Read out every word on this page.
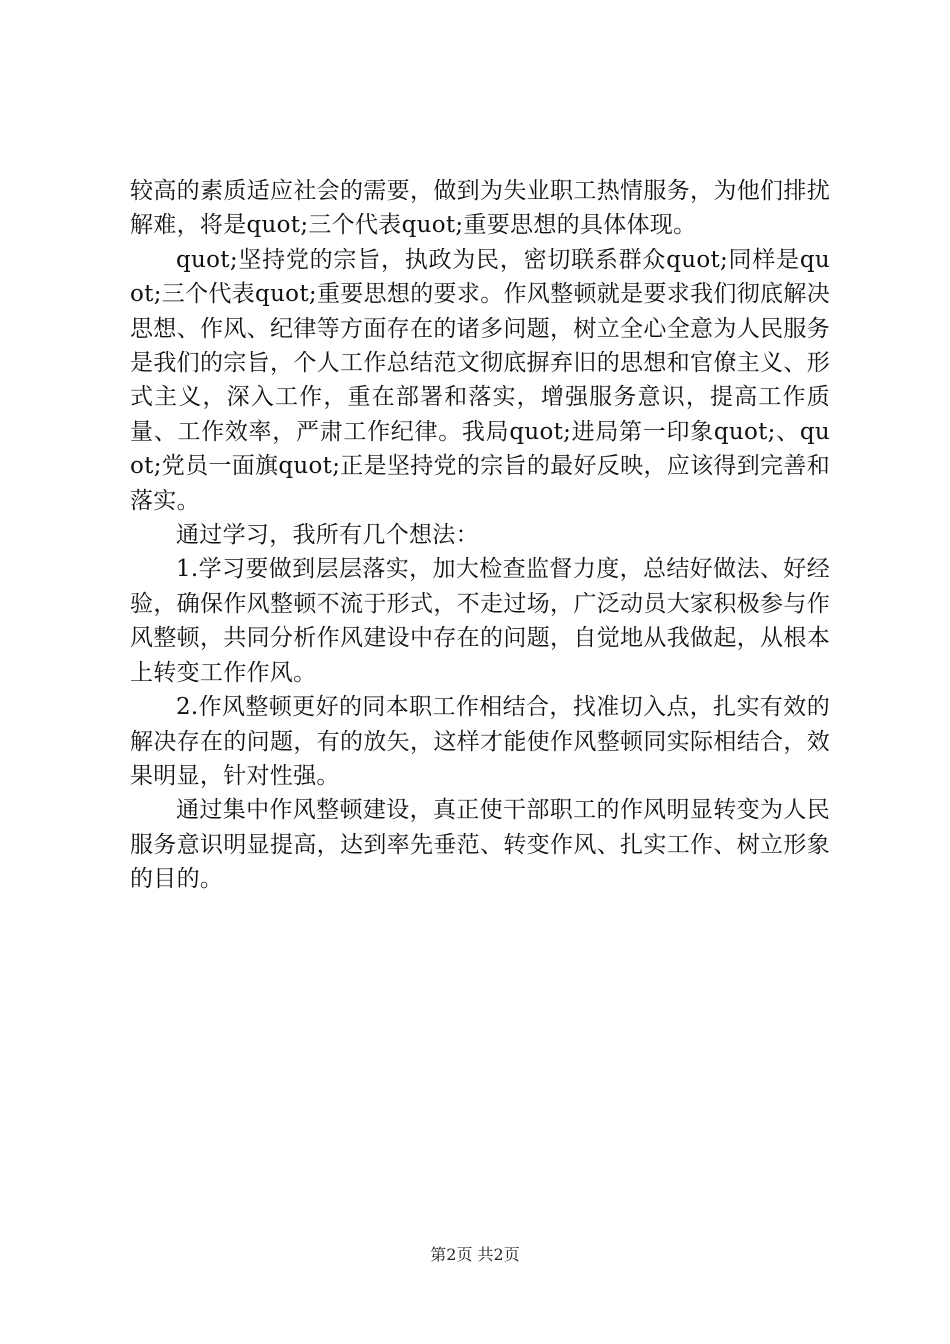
较高的素质适应社会的需要，做到为失业职工热情服务，为他们排扰解难，将是quot;三个代表quot;重要思想的具体体现。

quot;坚持党的宗旨，执政为民，密切联系群众quot;同样是quot;三个代表quot;重要思想的要求。作风整顿就是要求我们彻底解决思想、作风、纪律等方面存在的诸多问题，树立全心全意为人民服务是我们的宗旨，个人工作总结范文彻底摒弃旧的思想和官僚主义、形式主义，深入工作，重在部署和落实，增强服务意识，提高工作质量、工作效率，严肃工作纪律。我局quot;进局第一印象quot;、quot;党员一面旗quot;正是坚持党的宗旨的最好反映，应该得到完善和落实。

通过学习，我所有几个想法：

1.学习要做到层层落实，加大检查监督力度，总结好做法、好经验，确保作风整顿不流于形式，不走过场，广泛动员大家积极参与作风整顿，共同分析作风建设中存在的问题，自觉地从我做起，从根本上转变工作作风。

2.作风整顿更好的同本职工作相结合，找准切入点，扎实有效的解决存在的问题，有的放矢，这样才能使作风整顿同实际相结合，效果明显，针对性强。

通过集中作风整顿建设，真正使干部职工的作风明显转变为人民服务意识明显提高，达到率先垂范、转变作风、扎实工作、树立形象的目的。

第2页 共2页
